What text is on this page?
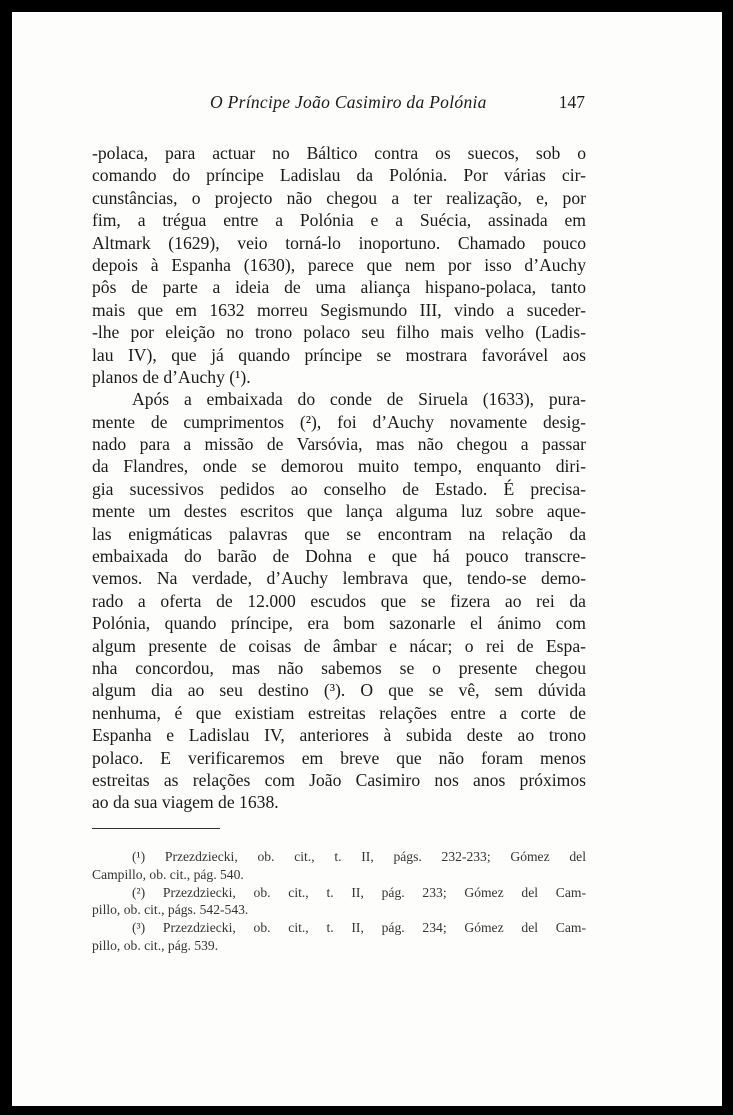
O Príncipe João Casimiro da Polónia	147
-polaca, para actuar no Báltico contra os suecos, sob o
comando do príncipe Ladislau da Polónia. Por várias cir-
cunstâncias, o projecto não chegou a ter realização, e, por
fim, a trégua entre a Polónia e a Suécia, assinada em
Altmark (1629), veio torná-lo inoportuno. Chamado pouco
depois à Espanha (1630), parece que nem por isso d’Auchy
pôs de parte a ideia de uma aliança hispano-polaca, tanto
mais que em 1632 morreu Segismundo III, vindo a suceder-
-lhe por eleição no trono polaco seu filho mais velho (Ladis-
lau IV), que já quando príncipe se mostrara favorável aos
planos de d’Auchy (¹).
Após a embaixada do conde de Siruela (1633), pura-
mente de cumprimentos (²), foi d’Auchy novamente desig-
nado para a missão de Varsóvia, mas não chegou a passar
da Flandres, onde se demorou muito tempo, enquanto diri-
gia sucessivos pedidos ao conselho de Estado. É precisa-
mente um destes escritos que lança alguma luz sobre aque-
las enigmáticas palavras que se encontram na relação da
embaixada do barão de Dohna e que há pouco transcre-
vemos. Na verdade, d’Auchy lembrava que, tendo-se demo-
rado a oferta de 12.000 escudos que se fizera ao rei da
Polónia, quando príncipe, era bom sazonarle el ánimo com
algum presente de coisas de âmbar e nácar; o rei de Espa-
nha concordou, mas não sabemos se o presente chegou
algum dia ao seu destino (³). O que se vê, sem dúvida
nenhuma, é que existiam estreitas relações entre a corte de
Espanha e Ladislau IV, anteriores à subida deste ao trono
polaco. E verificaremos em breve que não foram menos
estreitas as relações com João Casimiro nos anos próximos
ao da sua viagem de 1638.
(¹) Przezdziecki, ob. cit., t. II, págs. 232-233; Gómez del
Campillo, ob. cit., pág. 540.
(²) Przezdziecki, ob. cit., t. II, pág. 233; Gómez del Cam-
pillo, ob. cit., págs. 542-543.
(³) Przezdziecki, ob. cit., t. II, pág. 234; Gómez del Cam-
pillo, ob. cit., pág. 539.
